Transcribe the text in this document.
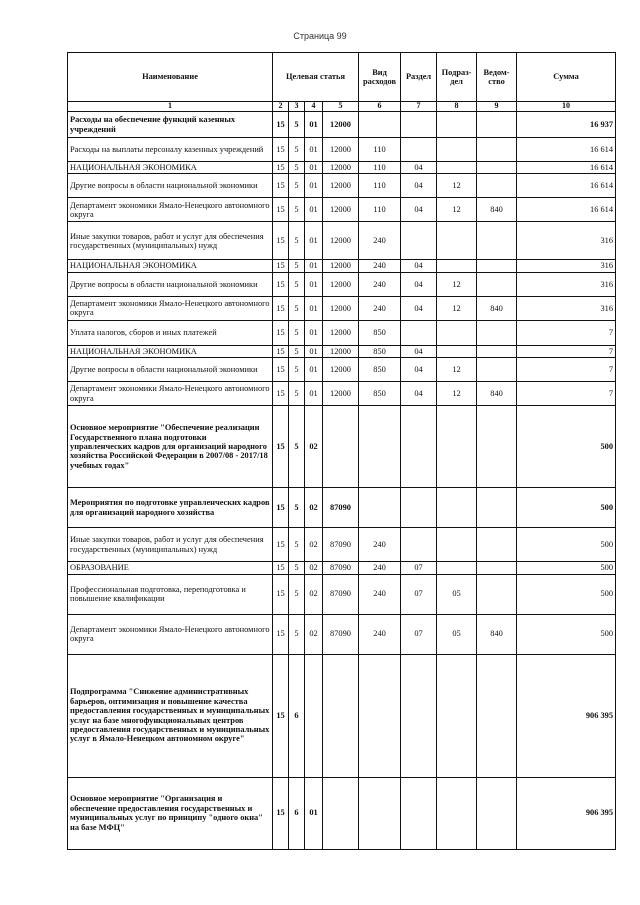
Страница 99
Наименование	Целевая статья				Вид расходов	Раздел	Подраз-дел	Ведом-ство	Сумма
1	2	3	4	5	6	7	8	9	10
Расходы на обеспечение функций казенных учреждений	15	5	01	12000					16 937
Расходы на выплаты персоналу казенных учреждений	15	5	01	12000	110				16 614
НАЦИОНАЛЬНАЯ ЭКОНОМИКА	15	5	01	12000	110	04			16 614
Другие вопросы в области национальной экономики	15	5	01	12000	110	04	12		16 614
Департамент экономики Ямало-Ненецкого автономного округа	15	5	01	12000	110	04	12	840	16 614
Иные закупки товаров, работ и услуг для обеспечения государственных (муниципальных) нужд	15	5	01	12000	240				316
НАЦИОНАЛЬНАЯ ЭКОНОМИКА	15	5	01	12000	240	04			316
Другие вопросы в области национальной экономики	15	5	01	12000	240	04	12		316
Департамент экономики Ямало-Ненецкого автономного округа	15	5	01	12000	240	04	12	840	316
Уплата налогов, сборов и иных платежей	15	5	01	12000	850				7
НАЦИОНАЛЬНАЯ ЭКОНОМИКА	15	5	01	12000	850	04			7
Другие вопросы в области национальной экономики	15	5	01	12000	850	04	12		7
Департамент экономики Ямало-Ненецкого автономного округа	15	5	01	12000	850	04	12	840	7
Основное мероприятие "Обеспечение реализации Государственного плана подготовки управленческих кадров для организаций народного хозяйства Российской Федерации в 2007/08 - 2017/18 учебных годах"	15	5	02						500
Мероприятия по подготовке управленческих кадров для организаций народного хозяйства	15	5	02	87090					500
Иные закупки товаров, работ и услуг для обеспечения государственных (муниципальных) нужд	15	5	02	87090	240				500
ОБРАЗОВАНИЕ	15	5	02	87090	240	07			500
Профессиональная подготовка, переподготовка и повышение квалификации	15	5	02	87090	240	07	05		500
Департамент экономики Ямало-Ненецкого автономного округа	15	5	02	87090	240	07	05	840	500
Подпрограмма "Снижение административных барьеров, оптимизация и повышение качества предоставления государственных и муниципальных услуг на базе многофункциональных центров предоставления государственных и муниципальных услуг в Ямало-Ненецком автономном округе"	15	6							906 395
Основное мероприятие "Организация и обеспечение предоставления государственных и муниципальных услуг по принципу "одного окна" на базе МФЦ"	15	6	01						906 395
